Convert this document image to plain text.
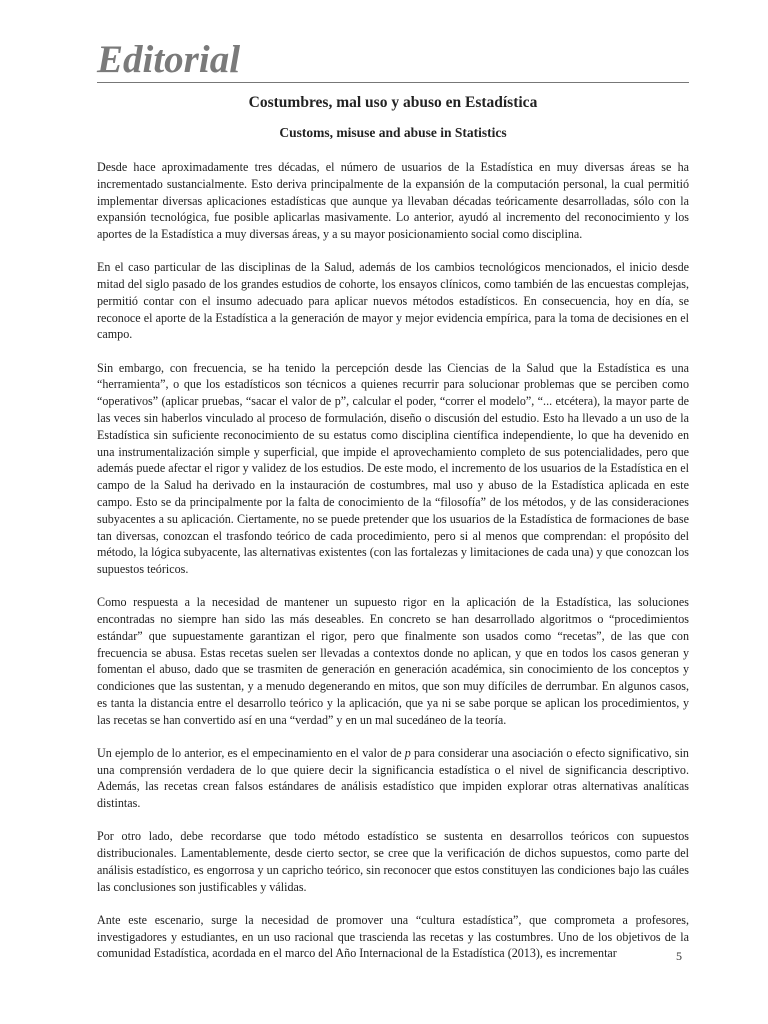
Editorial
Costumbres, mal uso y abuso en Estadística
Customs, misuse and abuse in Statistics

Desde hace aproximadamente tres décadas, el número de usuarios de la Estadística en muy diversas áreas se ha incrementado sustancialmente. Esto deriva principalmente de la expansión de la computación personal, la cual permitió implementar diversas aplicaciones estadísticas que aunque ya llevaban décadas teóricamente desarrolladas, sólo con la expansión tecnológica, fue posible aplicarlas masivamente. Lo anterior, ayudó al incremento del reconocimiento y los aportes de la Estadística a muy diversas áreas, y a su mayor posicionamiento social como disciplina.

En el caso particular de las disciplinas de la Salud, además de los cambios tecnológicos mencionados, el inicio desde mitad del siglo pasado de los grandes estudios de cohorte, los ensayos clínicos, como también de las encuestas complejas, permitió contar con el insumo adecuado para aplicar nuevos métodos estadísticos. En consecuencia, hoy en día, se reconoce el aporte de la Estadística a la generación de mayor y mejor evidencia empírica, para la toma de decisiones en el campo.

Sin embargo, con frecuencia, se ha tenido la percepción desde las Ciencias de la Salud que la Estadística es una “herramienta”, o que los estadísticos son técnicos a quienes recurrir para solucionar problemas que se perciben como “operativos” (aplicar pruebas, “sacar el valor de p”, calcular el poder, “correr el modelo”, “... etcétera), la mayor parte de las veces sin haberlos vinculado al proceso de formulación, diseño o discusión del estudio. Esto ha llevado a un uso de la Estadística sin suficiente reconocimiento de su estatus como disciplina científica independiente, lo que ha devenido en una instrumentalización simple y superficial, que impide el aprovechamiento completo de sus potencialidades, pero que además puede afectar el rigor y validez de los estudios. De este modo, el incremento de los usuarios de la Estadística en el campo de la Salud ha derivado en la instauración de costumbres, mal uso y abuso de la Estadística aplicada en este campo. Esto se da principalmente por la falta de conocimiento de la “filosofía” de los métodos, y de las consideraciones subyacentes a su aplicación. Ciertamente, no se puede pretender que los usuarios de la Estadística de formaciones de base tan diversas, conozcan el trasfondo teórico de cada procedimiento, pero si al menos que comprendan: el propósito del método, la lógica subyacente, las alternativas existentes (con las fortalezas y limitaciones de cada una) y que conozcan los supuestos teóricos.

Como respuesta a la necesidad de mantener un supuesto rigor en la aplicación de la Estadística, las soluciones encontradas no siempre han sido las más deseables. En concreto se han desarrollado algoritmos o “procedimientos estándar” que supuestamente garantizan el rigor, pero que finalmente son usados como “recetas”, de las que con frecuencia se abusa. Estas recetas suelen ser llevadas a contextos donde no aplican, y que en todos los casos generan y fomentan el abuso, dado que se trasmiten de generación en generación académica, sin conocimiento de los conceptos y condiciones que las sustentan, y a menudo degenerando en mitos, que son muy difíciles de derrumbar. En algunos casos, es tanta la distancia entre el desarrollo teórico y la aplicación, que ya ni se sabe porque se aplican los procedimientos, y las recetas se han convertido así en una “verdad” y en un mal sucedáneo de la teoría.

Un ejemplo de lo anterior, es el empecinamiento en el valor de p para considerar una asociación o efecto significativo, sin una comprensión verdadera de lo que quiere decir la significancia estadística o el nivel de significancia descriptivo. Además, las recetas crean falsos estándares de análisis estadístico que impiden explorar otras alternativas analíticas distintas.

Por otro lado, debe recordarse que todo método estadístico se sustenta en desarrollos teóricos con supuestos distribucionales. Lamentablemente, desde cierto sector, se cree que la verificación de dichos supuestos, como parte del análisis estadístico, es engorrosa y un capricho teórico, sin reconocer que estos constituyen las condiciones bajo las cuáles las conclusiones son justificables y válidas.

Ante este escenario, surge la necesidad de promover una “cultura estadística”, que comprometa a profesores, investigadores y estudiantes, en un uso racional que trascienda las recetas y las costumbres. Uno de los objetivos de la comunidad Estadística, acordada en el marco del Año Internacional de la Estadística (2013), es incrementar	5
